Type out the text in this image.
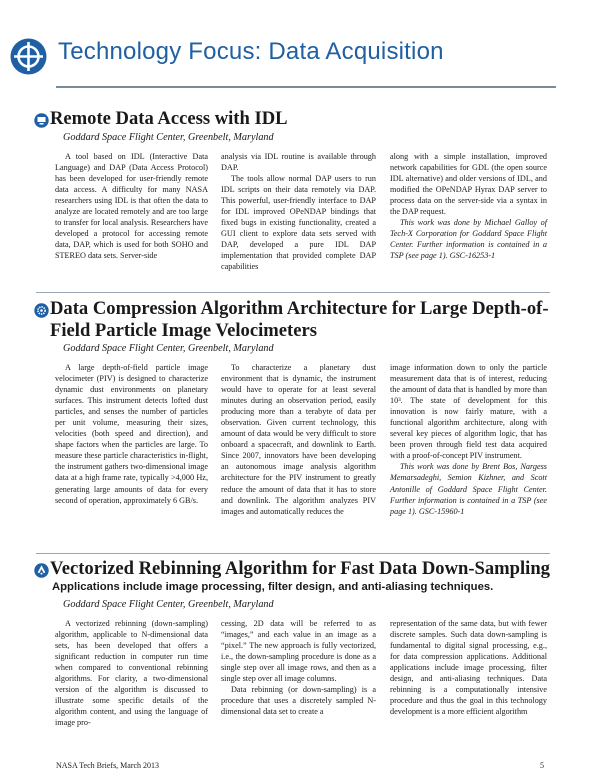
Technology Focus: Data Acquisition
Remote Data Access with IDL
Goddard Space Flight Center, Greenbelt, Maryland

A tool based on IDL (Interactive Data Language) and DAP (Data Access Protocol) has been developed for user-friendly remote data access. A difficulty for many NASA researchers using IDL is that often the data to analyze are located remotely and are too large to transfer for local analysis. Researchers have developed a protocol for accessing remote data, DAP, which is used for both SOHO and STEREO data sets. Server-side

analysis via IDL routine is available through DAP.

The tools allow normal DAP users to run IDL scripts on their data remotely via DAP. This powerful, user-friendly interface to DAP for IDL improved OPeNDAP bindings that fixed bugs in existing functionality, created a GUI client to explore data sets served with DAP, developed a pure IDL DAP implementation that provided complete DAP capabilities

along with a simple installation, improved network capabilities for GDL (the open source IDL alternative) and older versions of IDL, and modified the OPeNDAP Hyrax DAP server to process data on the server-side via a syntax in the DAP request.

This work was done by Michael Galloy of Tech-X Corporation for Goddard Space Flight Center. Further information is contained in a TSP (see page 1). GSC-16253-1

Data Compression Algorithm Architecture for Large Depth-of-Field Particle Image Velocimeters
Goddard Space Flight Center, Greenbelt, Maryland

A large depth-of-field particle image velocimeter (PIV) is designed to characterize dynamic dust environments on planetary surfaces. This instrument detects lofted dust particles, and senses the number of particles per unit volume, measuring their sizes, velocities (both speed and direction), and shape factors when the particles are large. To measure these particle characteristics in-flight, the instrument gathers two-dimensional image data at a high frame rate, typically >4,000 Hz, generating large amounts of data for every second of operation, approximately 6 GB/s.

To characterize a planetary dust environment that is dynamic, the instrument would have to operate for at least several minutes during an observation period, easily producing more than a terabyte of data per observation. Given current technology, this amount of data would be very difficult to store onboard a spacecraft, and downlink to Earth. Since 2007, innovators have been developing an autonomous image analysis algorithm architecture for the PIV instrument to greatly reduce the amount of data that it has to store and downlink. The algorithm analyzes PIV images and automatically reduces the

image information down to only the particle measurement data that is of interest, reducing the amount of data that is handled by more than 10³. The state of development for this innovation is now fairly mature, with a functional algorithm architecture, along with several key pieces of algorithm logic, that has been proven through field test data acquired with a proof-of-concept PIV instrument.

This work was done by Brent Bos, Nargess Memarsadeghi, Semion Kizhner, and Scott Antonille of Goddard Space Flight Center. Further information is contained in a TSP (see page 1). GSC-15960-1

Vectorized Rebinning Algorithm for Fast Data Down-Sampling
Applications include image processing, filter design, and anti-aliasing techniques.
Goddard Space Flight Center, Greenbelt, Maryland

A vectorized rebinning (down-sampling) algorithm, applicable to N-dimensional data sets, has been developed that offers a significant reduction in computer run time when compared to conventional rebinning algorithms. For clarity, a two-dimensional version of the algorithm is discussed to illustrate some specific details of the algorithm content, and using the language of image pro-

cessing, 2D data will be referred to as “images,” and each value in an image as a “pixel.” The new approach is fully vectorized, i.e., the down-sampling procedure is done as a single step over all image rows, and then as a single step over all image columns.

Data rebinning (or down-sampling) is a procedure that uses a discretely sampled N-dimensional data set to create a

representation of the same data, but with fewer discrete samples. Such data down-sampling is fundamental to digital signal processing, e.g., for data compression applications. Additional applications include image processing, filter design, and anti-aliasing techniques. Data rebinning is a computationally intensive procedure and thus the goal in this technology development is a more efficient algorithm

NASA Tech Briefs, March 2013	5
